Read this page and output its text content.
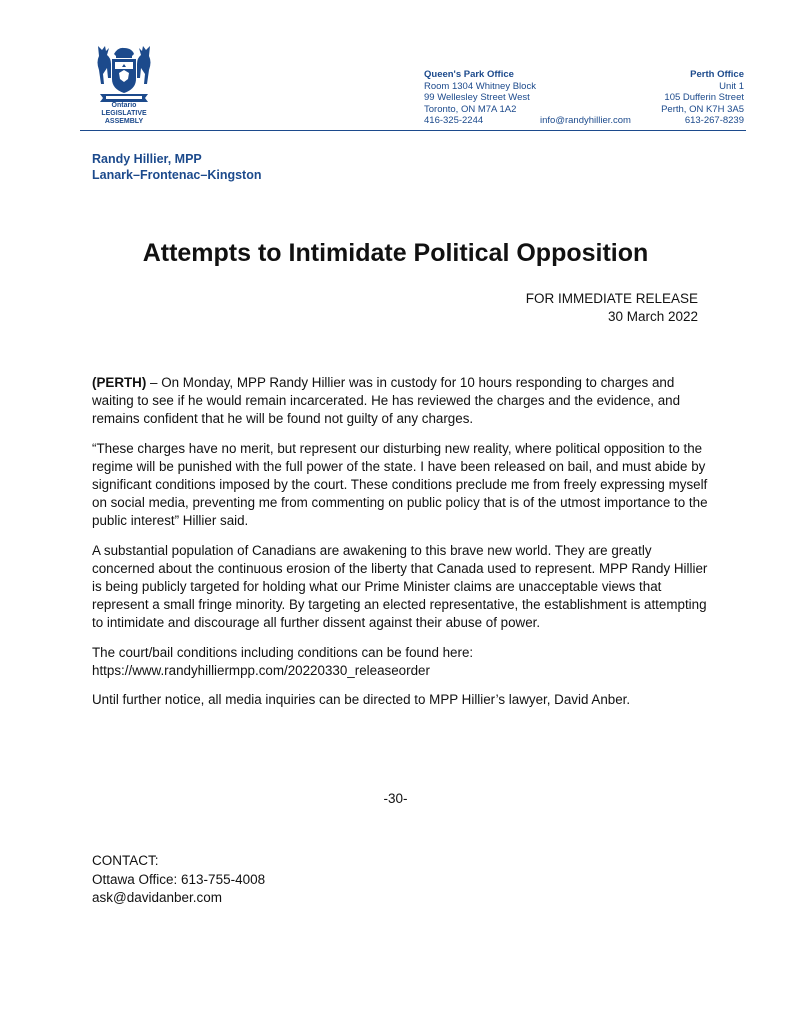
Ontario
LEGISLATIVE
ASSEMBLY
Queen's Park Office
Room 1304 Whitney Block
99 Wellesley Street West
Toronto, ON M7A 1A2
416-325-2244	info@randyhillier.com
Perth Office
Unit 1
105 Dufferin Street
Perth, ON K7H 3A5
613-267-8239
Randy Hillier, MPP
Lanark–Frontenac–Kingston
Attempts to Intimidate Political Opposition
FOR IMMEDIATE RELEASE
30 March 2022

(PERTH) – On Monday, MPP Randy Hillier was in custody for 10 hours responding to charges and waiting to see if he would remain incarcerated. He has reviewed the charges and the evidence, and remains confident that he will be found not guilty of any charges.

“These charges have no merit, but represent our disturbing new reality, where political opposition to the regime will be punished with the full power of the state. I have been released on bail, and must abide by significant conditions imposed by the court. These conditions preclude me from freely expressing myself on social media, preventing me from commenting on public policy that is of the utmost importance to the public interest” Hillier said.

A substantial population of Canadians are awakening to this brave new world. They are greatly concerned about the continuous erosion of the liberty that Canada used to represent. MPP Randy Hillier is being publicly targeted for holding what our Prime Minister claims are unacceptable views that represent a small fringe minority. By targeting an elected representative, the establishment is attempting to intimidate and discourage all further dissent against their abuse of power.

The court/bail conditions including conditions can be found here:
https://www.randyhilliermpp.com/20220330_releaseorder

Until further notice, all media inquiries can be directed to MPP Hillier’s lawyer, David Anber.

-30-
CONTACT:
Ottawa Office: 613-755-4008
ask@davidanber.com
